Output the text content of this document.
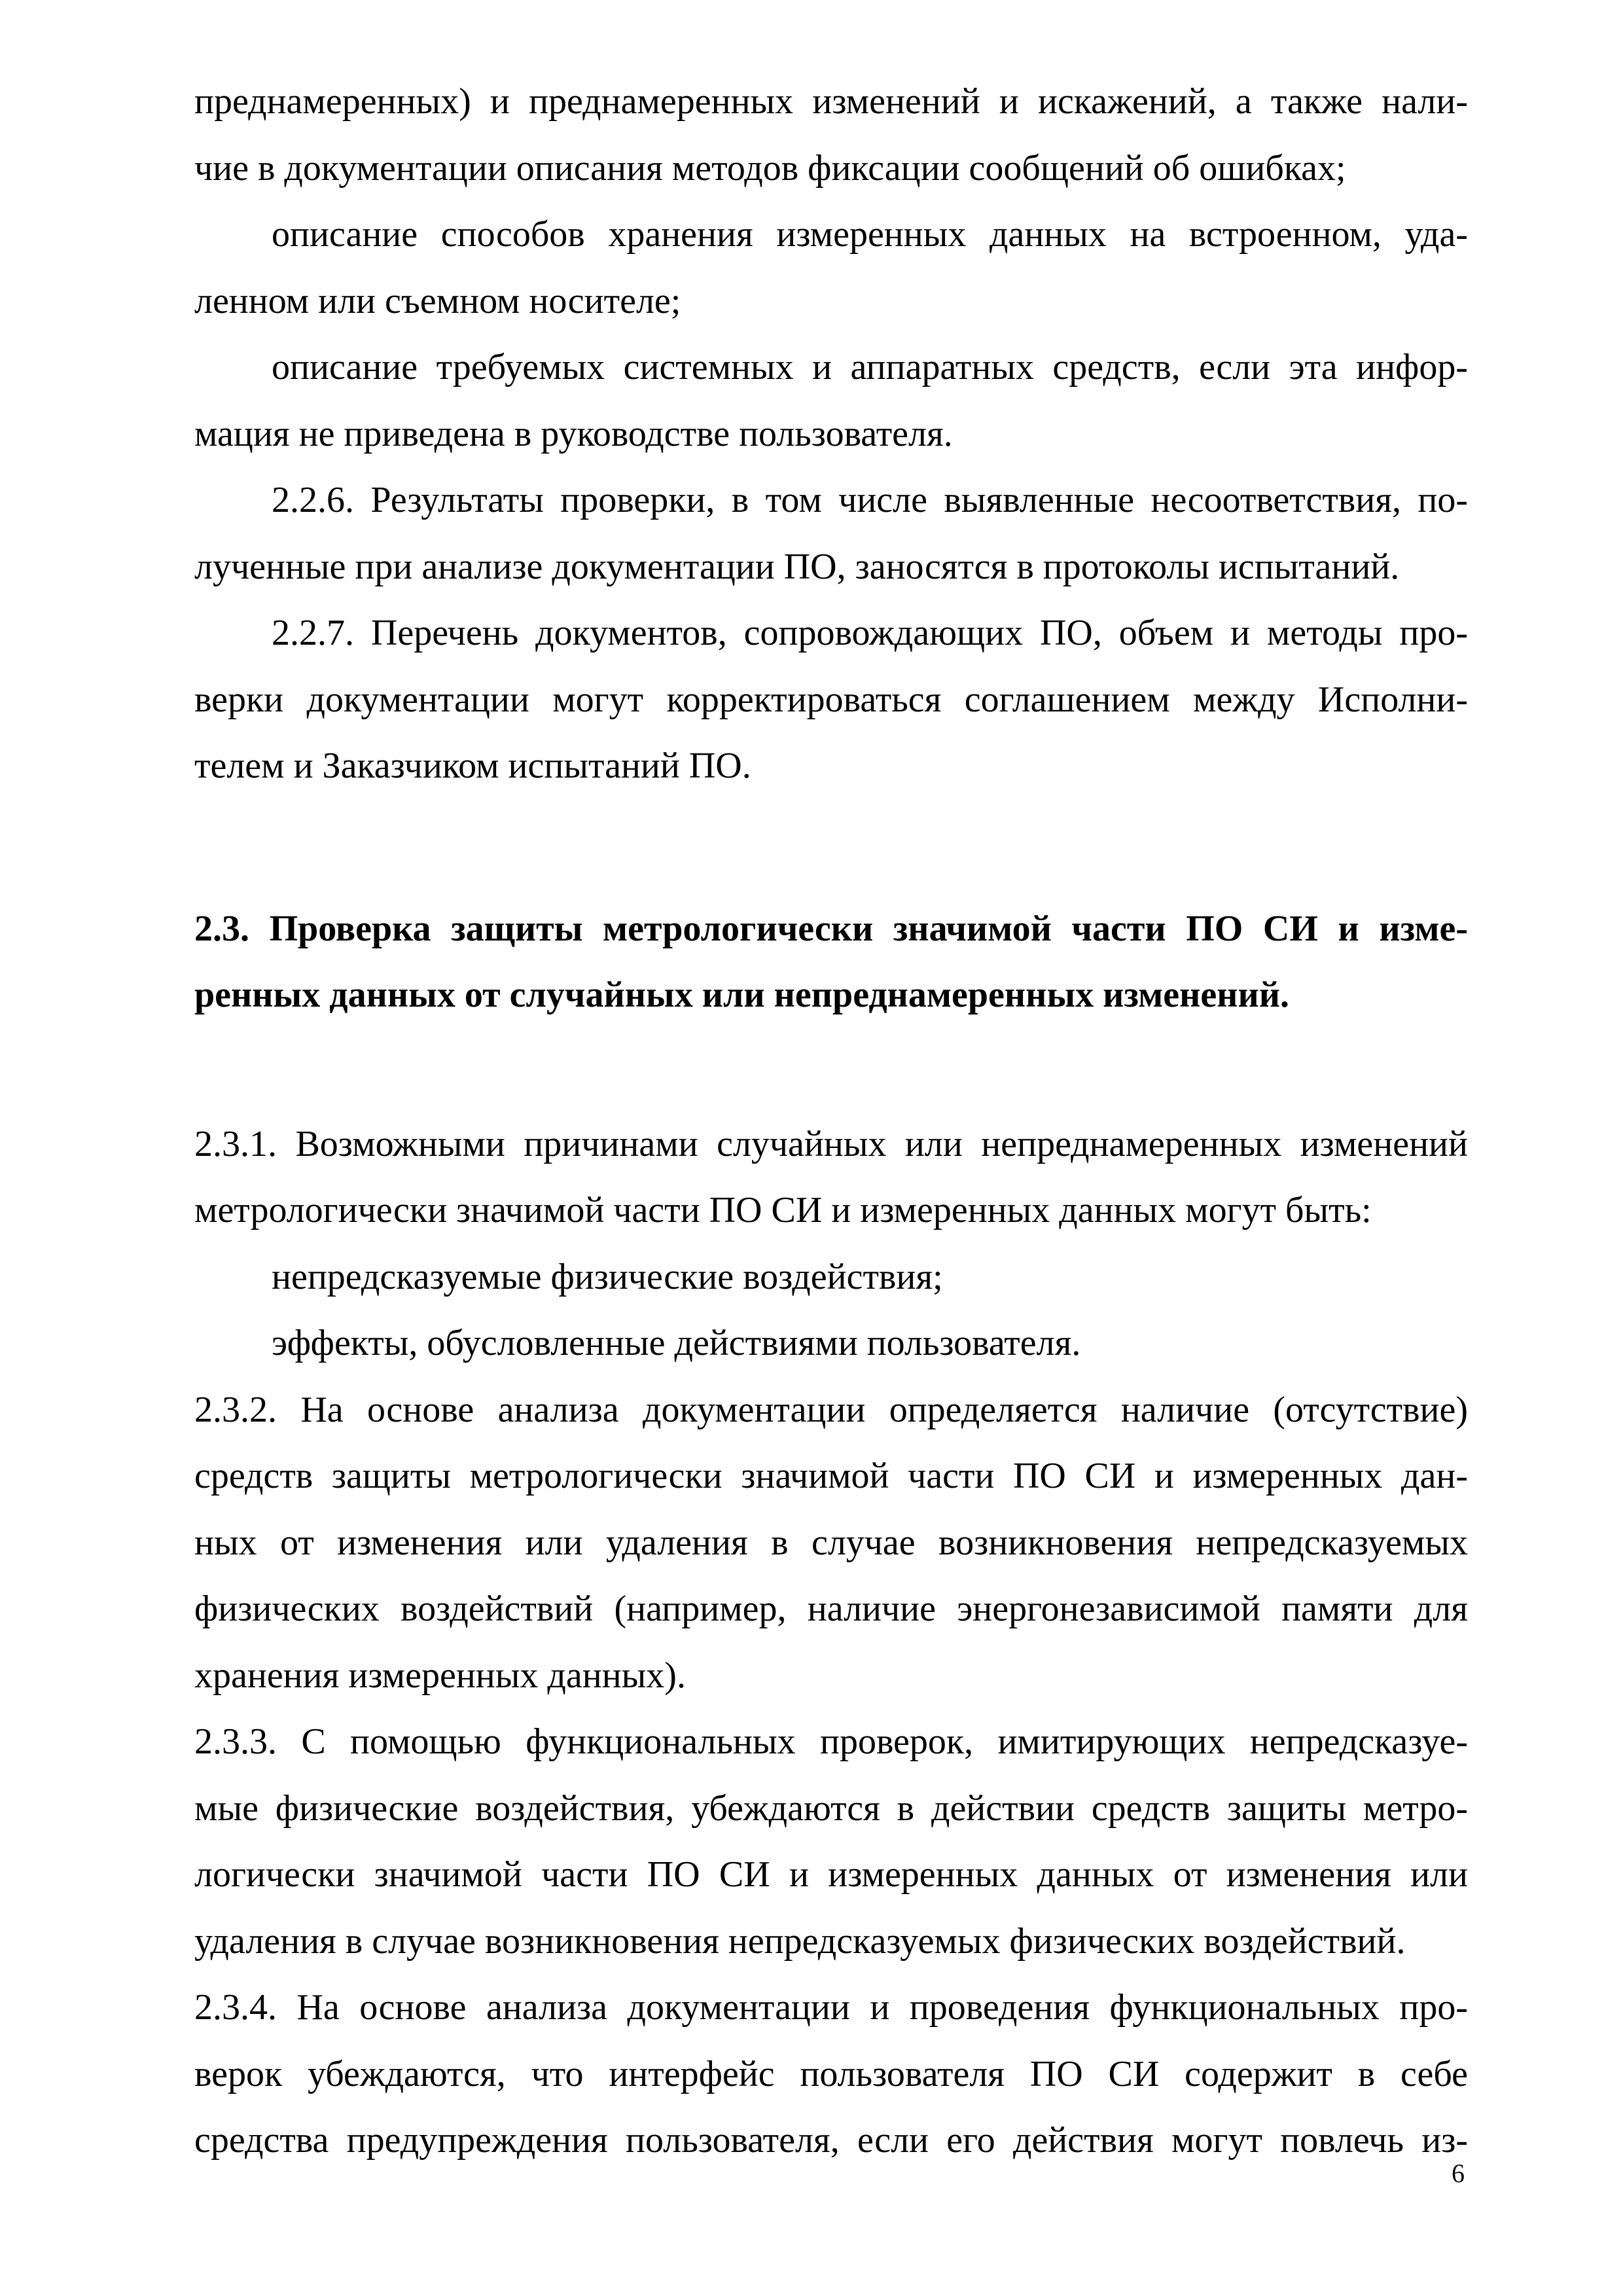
преднамеренных) и преднамеренных изменений и искажений, а также нали-
чие в документации описания методов фиксации сообщений об ошибках;
описание способов хранения измеренных данных на встроенном, уда-
ленном или съемном носителе;
описание требуемых системных и аппаратных средств, если эта инфор-
мация не приведена в руководстве пользователя.
2.2.6. Результаты проверки, в том числе выявленные несоответствия, по-
лученные при анализе документации ПО, заносятся в протоколы испытаний.
2.2.7. Перечень документов, сопровождающих ПО, объем и методы про-
верки документации могут корректироваться соглашением между Исполни-
телем и Заказчиком испытаний ПО.
2.3. Проверка защиты метрологически значимой части ПО СИ и изме-
ренных данных от случайных или непреднамеренных изменений.
2.3.1. Возможными причинами случайных или непреднамеренных изменений
метрологически значимой части ПО СИ и измеренных данных могут быть:
непредсказуемые физические воздействия;
эффекты, обусловленные действиями пользователя.
2.3.2. На основе анализа документации определяется наличие (отсутствие)
средств защиты метрологически значимой части ПО СИ и измеренных дан-
ных от изменения или удаления в случае возникновения непредсказуемых
физических воздействий (например, наличие энергонезависимой памяти для
хранения измеренных данных).
2.3.3. С помощью функциональных проверок, имитирующих непредсказуе-
мые физические воздействия, убеждаются в действии средств защиты метро-
логически значимой части ПО СИ и измеренных данных от изменения или
удаления в случае возникновения непредсказуемых физических воздействий.
2.3.4. На основе анализа документации и проведения функциональных про-
верок убеждаются, что интерфейс пользователя ПО СИ содержит в себе
средства предупреждения пользователя, если его действия могут повлечь из-
6
